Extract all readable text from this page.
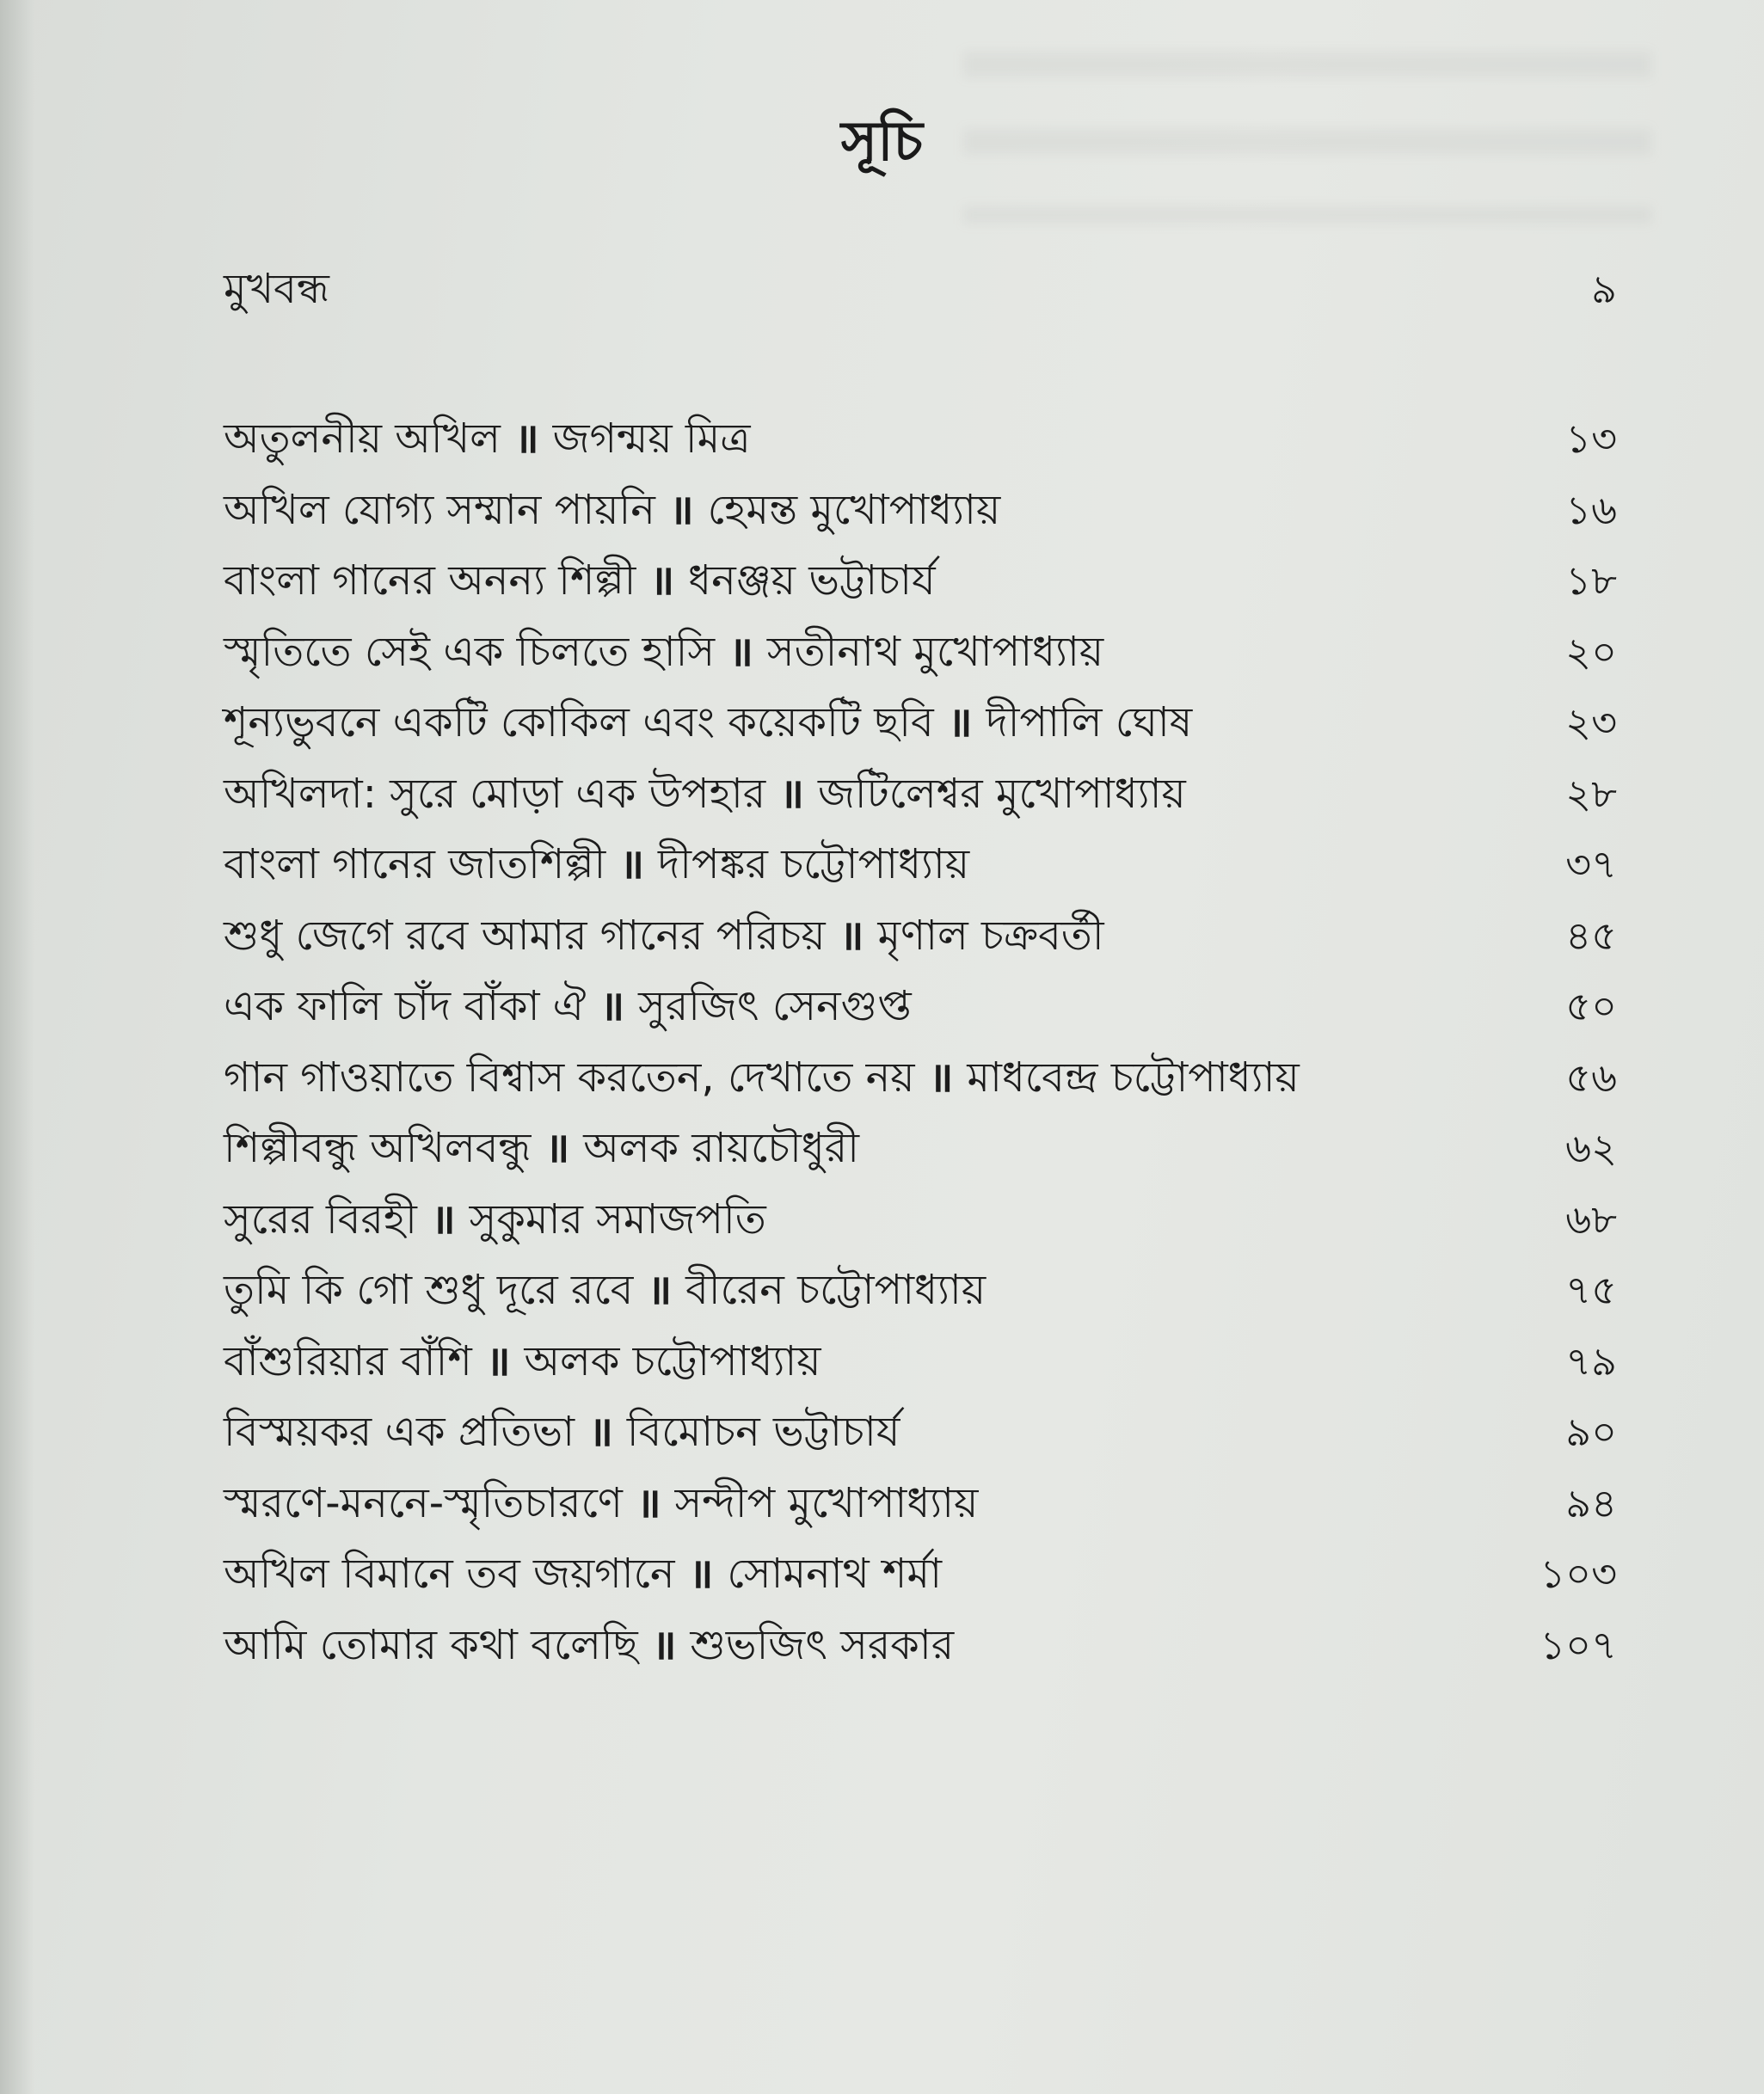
সূচি
মুখবন্ধ	৯
অতুলনীয় অখিল ॥ জগন্ময় মিত্র	১৩
অখিল যোগ্য সম্মান পায়নি ॥ হেমন্ত মুখোপাধ্যায়	১৬
বাংলা গানের অনন্য শিল্পী ॥ ধনঞ্জয় ভট্টাচার্য	১৮
স্মৃতিতে সেই এক চিলতে হাসি ॥ সতীনাথ মুখোপাধ্যায়	২০
শূন্যভুবনে একটি কোকিল এবং কয়েকটি ছবি ॥ দীপালি ঘোষ	২৩
অখিলদা: সুরে মোড়া এক উপহার ॥ জটিলেশ্বর মুখোপাধ্যায়	২৮
বাংলা গানের জাতশিল্পী ॥ দীপঙ্কর চট্টোপাধ্যায়	৩৭
শুধু জেগে রবে আমার গানের পরিচয় ॥ মৃণাল চক্রবর্তী	৪৫
এক ফালি চাঁদ বাঁকা ঐ ॥ সুরজিৎ সেনগুপ্ত	৫০
গান গাওয়াতে বিশ্বাস করতেন, দেখাতে নয় ॥ মাধবেন্দ্র চট্টোপাধ্যায়	৫৬
শিল্পীবন্ধু অখিলবন্ধু ॥ অলক রায়চৌধুরী	৬২
সুরের বিরহী ॥ সুকুমার সমাজপতি	৬৮
তুমি কি গো শুধু দূরে রবে ॥ বীরেন চট্টোপাধ্যায়	৭৫
বাঁশুরিয়ার বাঁশি ॥ অলক চট্টোপাধ্যায়	৭৯
বিস্ময়কর এক প্রতিভা ॥ বিমোচন ভট্টাচার্য	৯০
স্মরণে-মননে-স্মৃতিচারণে ॥ সন্দীপ মুখোপাধ্যায়	৯৪
অখিল বিমানে তব জয়গানে ॥ সোমনাথ শর্মা	১০৩
আমি তোমার কথা বলেছি ॥ শুভজিৎ সরকার	১০৭
